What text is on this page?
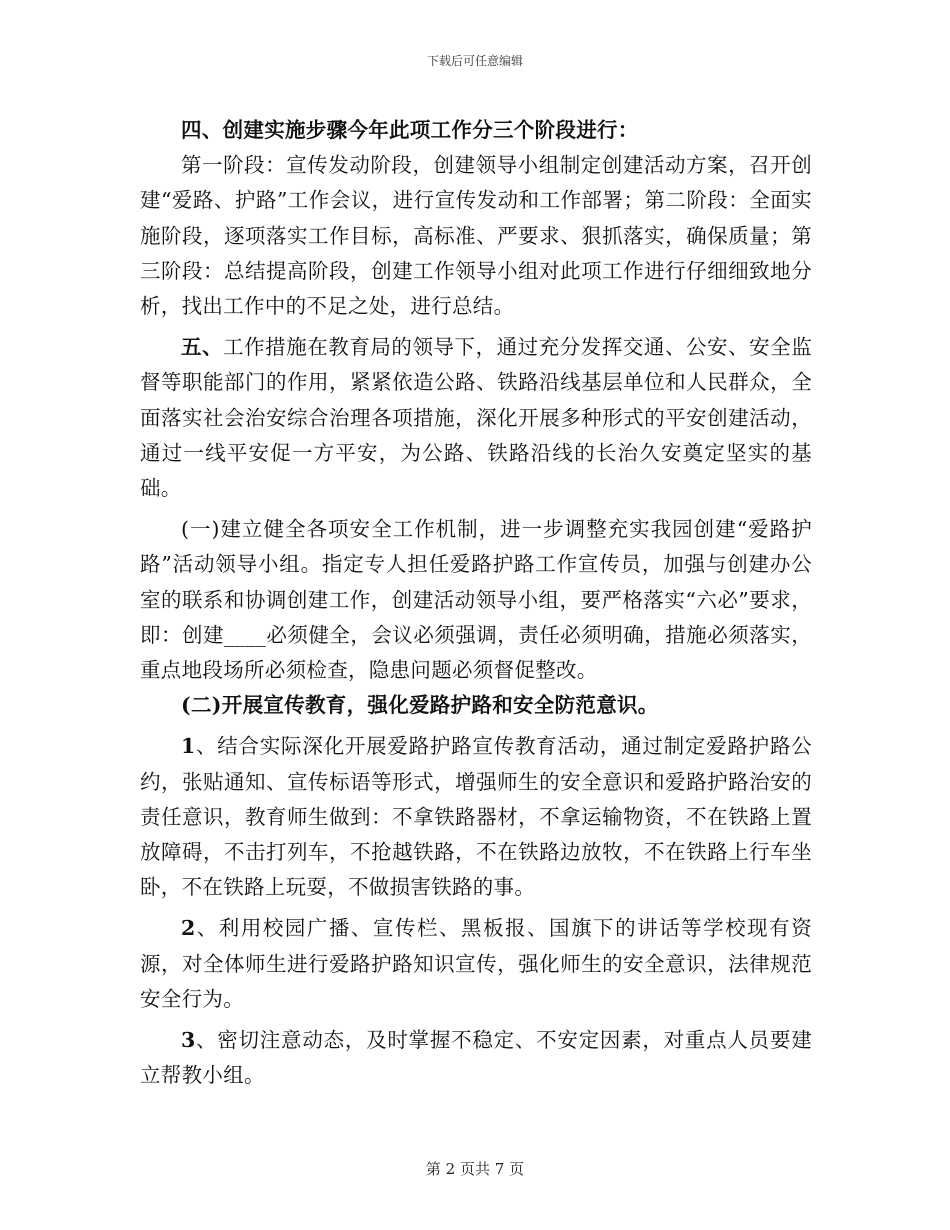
下载后可任意编辑

四、创建实施步骤今年此项工作分三个阶段进行：

第一阶段：宣传发动阶段，创建领导小组制定创建活动方案，召开创建“爱路、护路”工作会议，进行宣传发动和工作部署；第二阶段：全面实施阶段，逐项落实工作目标，高标准、严要求、狠抓落实，确保质量；第三阶段：总结提高阶段，创建工作领导小组对此项工作进行仔细细致地分析，找出工作中的不足之处，进行总结。

五、工作措施在教育局的领导下，通过充分发挥交通、公安、安全监督等职能部门的作用，紧紧依造公路、铁路沿线基层单位和人民群众，全面落实社会治安综合治理各项措施，深化开展多种形式的平安创建活动，通过一线平安促一方平安，为公路、铁路沿线的长治久安奠定坚实的基础。

(一)建立健全各项安全工作机制，进一步调整充实我园创建“爱路护路”活动领导小组。指定专人担任爱路护路工作宣传员，加强与创建办公室的联系和协调创建工作，创建活动领导小组，要严格落实“六必”要求，即：创建____必须健全，会议必须强调，责任必须明确，措施必须落实，重点地段场所必须检查，隐患问题必须督促整改。

(二)开展宣传教育，强化爱路护路和安全防范意识。

1、结合实际深化开展爱路护路宣传教育活动，通过制定爱路护路公约，张贴通知、宣传标语等形式，增强师生的安全意识和爱路护路治安的责任意识，教育师生做到：不拿铁路器材，不拿运输物资，不在铁路上置放障碍，不击打列车，不抢越铁路，不在铁路边放牧，不在铁路上行车坐卧，不在铁路上玩耍，不做损害铁路的事。

2、利用校园广播、宣传栏、黑板报、国旗下的讲话等学校现有资源，对全体师生进行爱路护路知识宣传，强化师生的安全意识，法律规范安全行为。

3、密切注意动态，及时掌握不稳定、不安定因素，对重点人员要建立帮教小组。

第 2 页共 7 页
